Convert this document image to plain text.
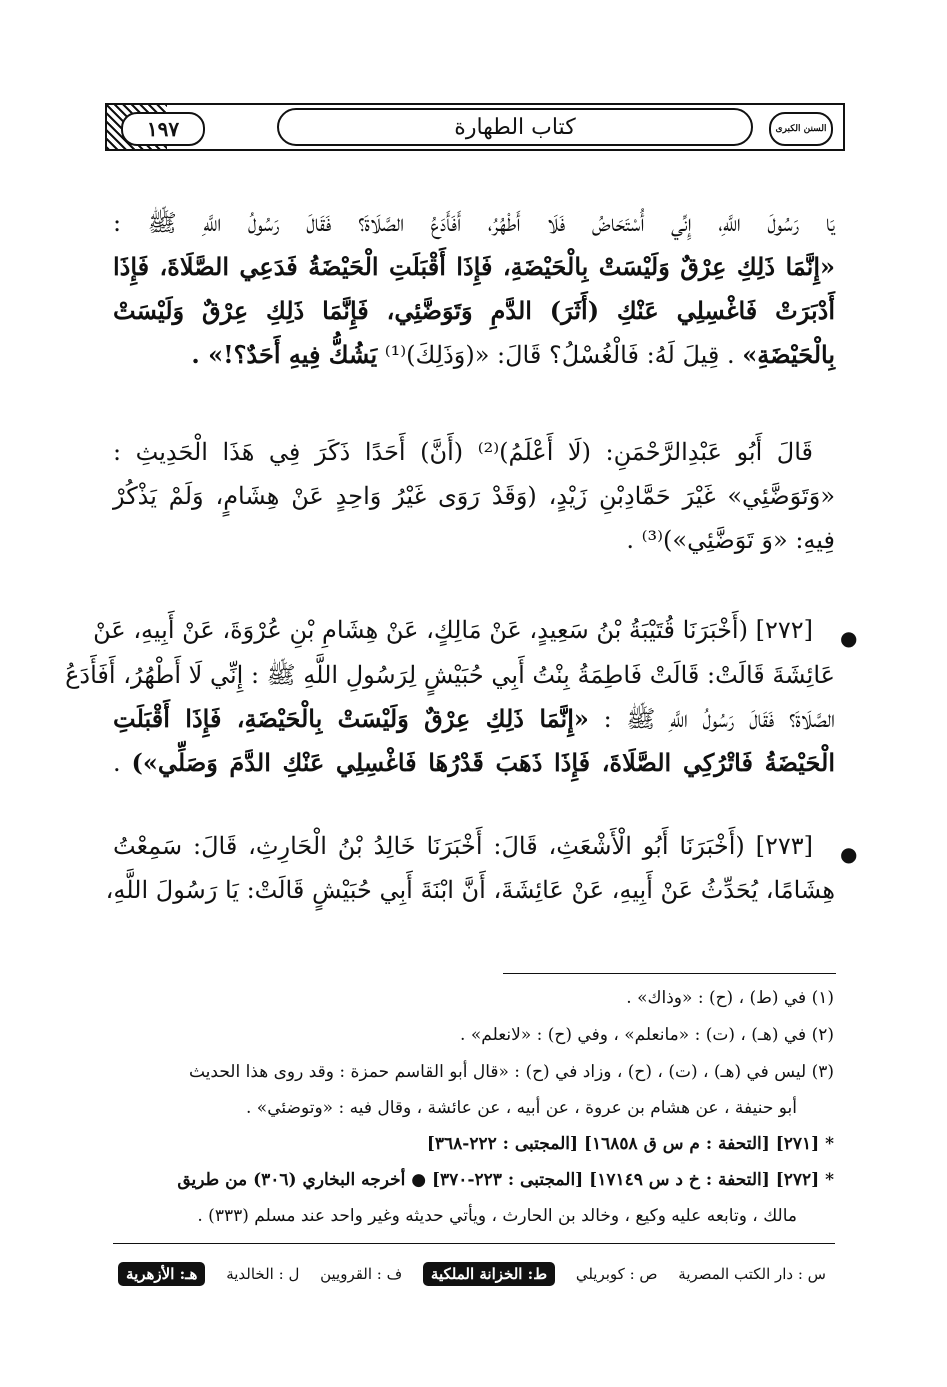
١٩٧	كتاب الطهارة	السنن الكبرى
يَا رَسُولَ اللَّهِ، إِنِّي أُسْتَحَاضُ فَلَا أَطْهُرُ، أَفَأَدَعُ الصَّلَاةَ؟ فَقَالَ رَسُولُ اللَّهِ ﷺ :
«إِنَّمَا ذَلِكِ عِرْقٌ وَلَيْسَتْ بِالْحَيْضَةِ، فَإِذَا أَقْبَلَتِ الْحَيْضَةُ فَدَعِي الصَّلَاةَ، فَإِذَا
أَدْبَرَتْ فَاغْسِلِي عَنْكِ (أَثَرَ) الدَّمِ وَتَوَضَّئِي، فَإِنَّمَا ذَلِكِ عِرْقٌ وَلَيْسَتْ
بِالْحَيْضَةِ» . قِيلَ لَهُ: فَالْغُسْلُ؟ قَالَ: «(وَذَلِكَ)⁽¹⁾ يَشُكُّ فِيهِ أَحَدٌ؟!» .
قَالَ أَبُو عَبْدِالرَّحْمَنِ: (لَا أَعْلَمُ)⁽²⁾ (أَنَّ) أَحَدًا ذَكَرَ فِي هَذَا الْحَدِيثِ :
«وَتَوَضَّئِي» غَيْرَ حَمَّادِبْنِ زَيْدٍ، (وَقَدْ رَوَى غَيْرُ وَاحِدٍ عَنْ هِشَامٍ، وَلَمْ يَذْكُرْ
فِيهِ: «وَ تَوَضَّئِي»)⁽³⁾ .
[٢٧٢] (أَخْبَرَنَا قُتَيْبَةُ بْنُ سَعِيدٍ، عَنْ مَالِكٍ، عَنْ هِشَامِ بْنِ عُرْوَةَ، عَنْ أَبِيهِ، عَنْ
عَائِشَةَ قَالَتْ: قَالَتْ فَاطِمَةُ بِنْتُ أَبِي حُبَيْشٍ لِرَسُولِ اللَّهِ ﷺ : إِنِّي لَا أَطْهُرُ، أَفَأَدَعُ
الصَّلَاةَ؟ فَقَالَ رَسُولُ اللَّهِ ﷺ : «إِنَّمَا ذَلِكِ عِرْقٌ وَلَيْسَتْ بِالْحَيْضَةِ، فَإِذَا أَقْبَلَتِ
الْحَيْضَةُ فَاتْرُكِي الصَّلَاةَ، فَإِذَا ذَهَبَ قَدْرُهَا فَاغْسِلِي عَنْكِ الدَّمَ وَصَلِّي») .
[٢٧٣] (أَخْبَرَنَا أَبُو الْأَشْعَثِ، قَالَ: أَخْبَرَنَا خَالِدُ بْنُ الْحَارِثِ، قَالَ: سَمِعْتُ
هِشَامًا، يُحَدِّثُ عَنْ أَبِيهِ، عَنْ عَائِشَةَ، أَنَّ ابْنَةَ أَبِي حُبَيْشٍ قَالَتْ: يَا رَسُولَ اللَّهِ،
●
●
(١) في (ط) ، (ح) : «وذاك» .
(٢) في (هـ) ، (ت) : «مانعلم» ، وفي (ح) : «لانعلم» .
(٣) ليس في (هـ) ، (ت) ، (ح) ، وزاد في (ح) : «قال أبو القاسم حمزة : وقد روى هذا الحديث
أبو حنيفة ، عن هشام بن عروة ، عن أبيه ، عن عائشة ، وقال فيه : «وتوضئي» .
* [٢٧١] [التحفة : م س ق ١٦٨٥٨] [المجتبى : ٢٢٢-٣٦٨]
* [٢٧٢] [التحفة : خ د س ١٧١٤٩] [المجتبى : ٢٢٣-٣٧٠] ● أخرجه البخاري (٣٠٦) من طريق
مالك ، وتابعه عليه وكيع ، وخالد بن الحارث ، ويأتي حديثه وغير واحد عند مسلم (٣٣٣) .
س : دار الكتب المصرية
ص : كوبريلي
ط: الخزانة الملكية
ف : القرويين
ل : الخالدية
هـ: الأزهرية
